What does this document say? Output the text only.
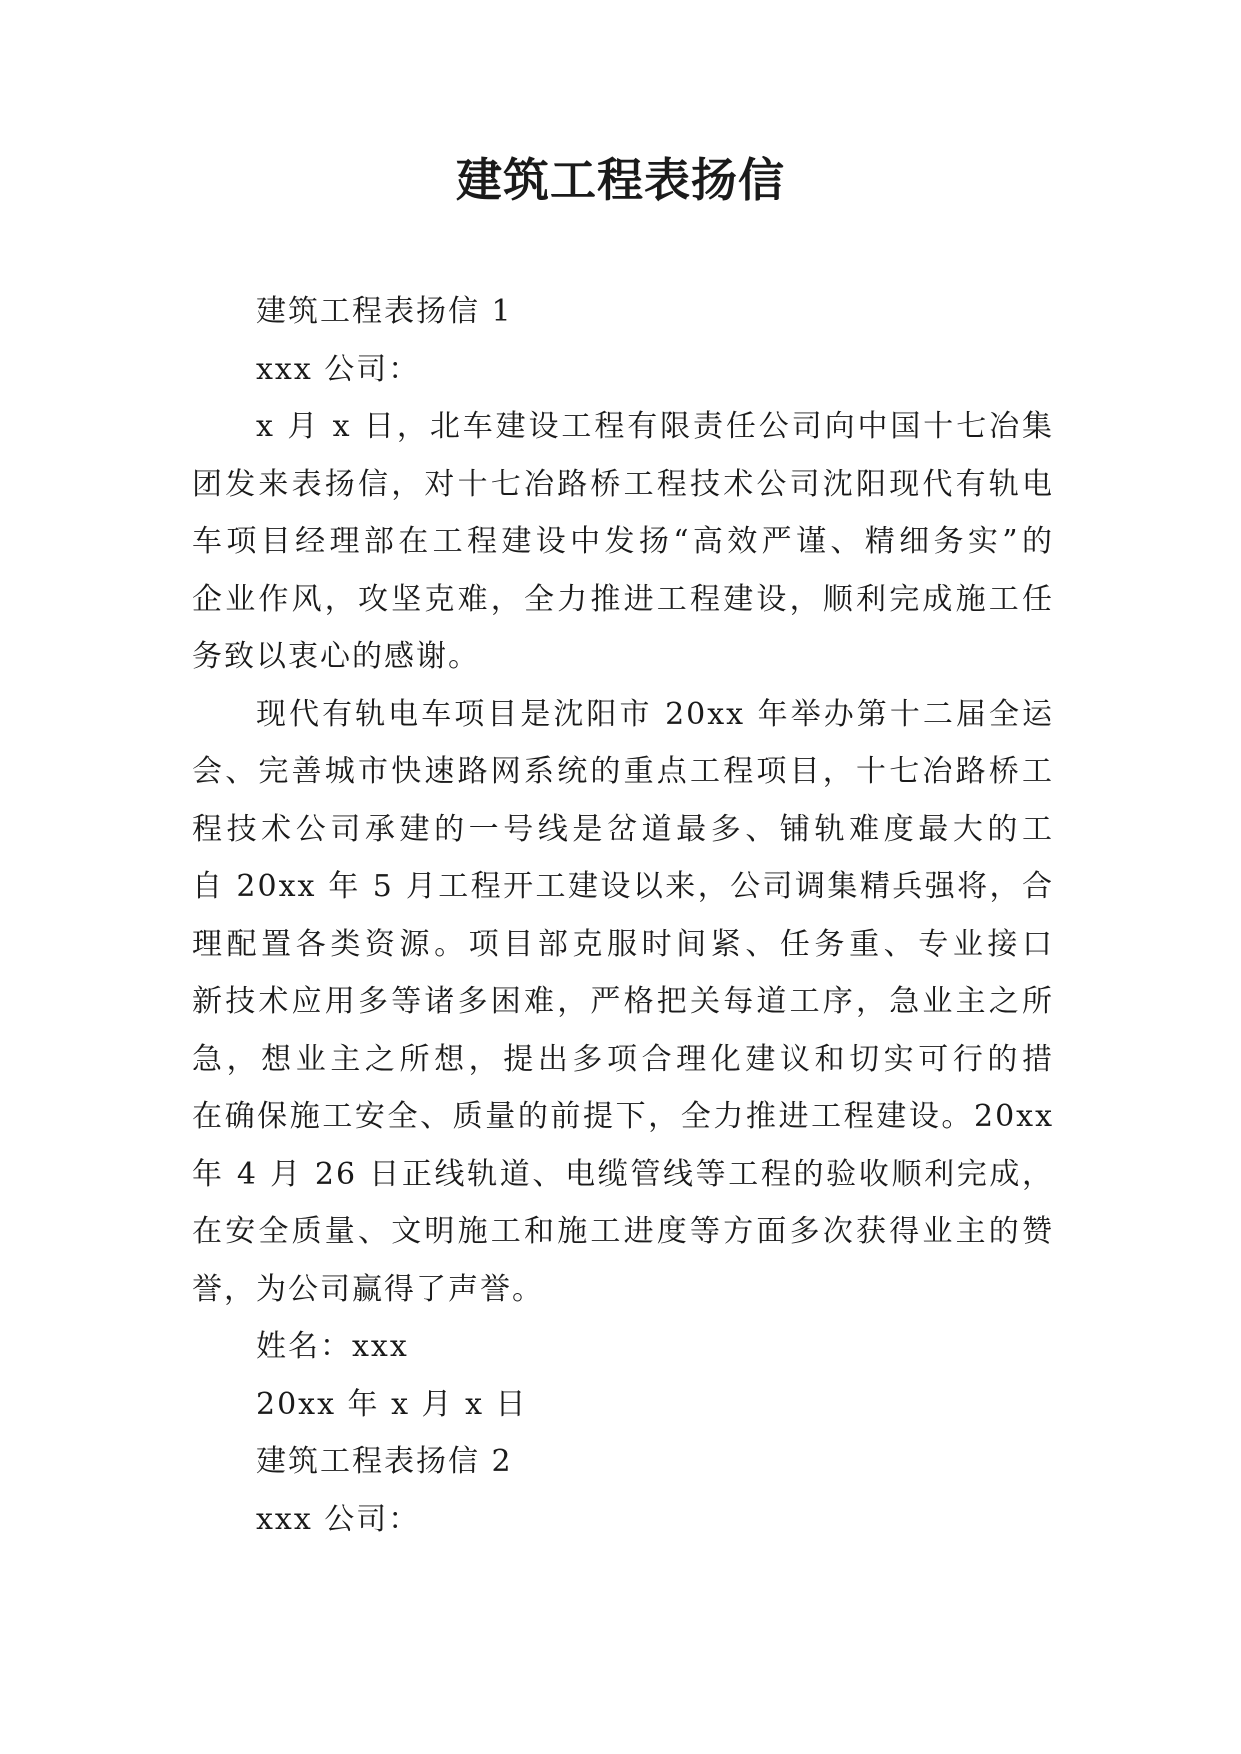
建筑工程表扬信
建筑工程表扬信 1
xxx 公司：
x 月 x 日，北车建设工程有限责任公司向中国十七冶集
团发来表扬信，对十七冶路桥工程技术公司沈阳现代有轨电
车项目经理部在工程建设中发扬“高效严谨、精细务实”的
企业作风，攻坚克难，全力推进工程建设，顺利完成施工任
务致以衷心的感谢。
现代有轨电车项目是沈阳市 20xx 年举办第十二届全运
会、完善城市快速路网系统的重点工程项目，十七冶路桥工
程技术公司承建的一号线是岔道最多、铺轨难度最大的工
自 20xx 年 5 月工程开工建设以来，公司调集精兵强将，合
理配置各类资源。项目部克服时间紧、任务重、专业接口
新技术应用多等诸多困难，严格把关每道工序，急业主之所
急，想业主之所想，提出多项合理化建议和切实可行的措
在确保施工安全、质量的前提下，全力推进工程建设。20xx
年 4 月 26 日正线轨道、电缆管线等工程的验收顺利完成，
在安全质量、文明施工和施工进度等方面多次获得业主的赞
誉，为公司赢得了声誉。
姓名：xxx
20xx 年 x 月 x 日
建筑工程表扬信 2
xxx 公司：
